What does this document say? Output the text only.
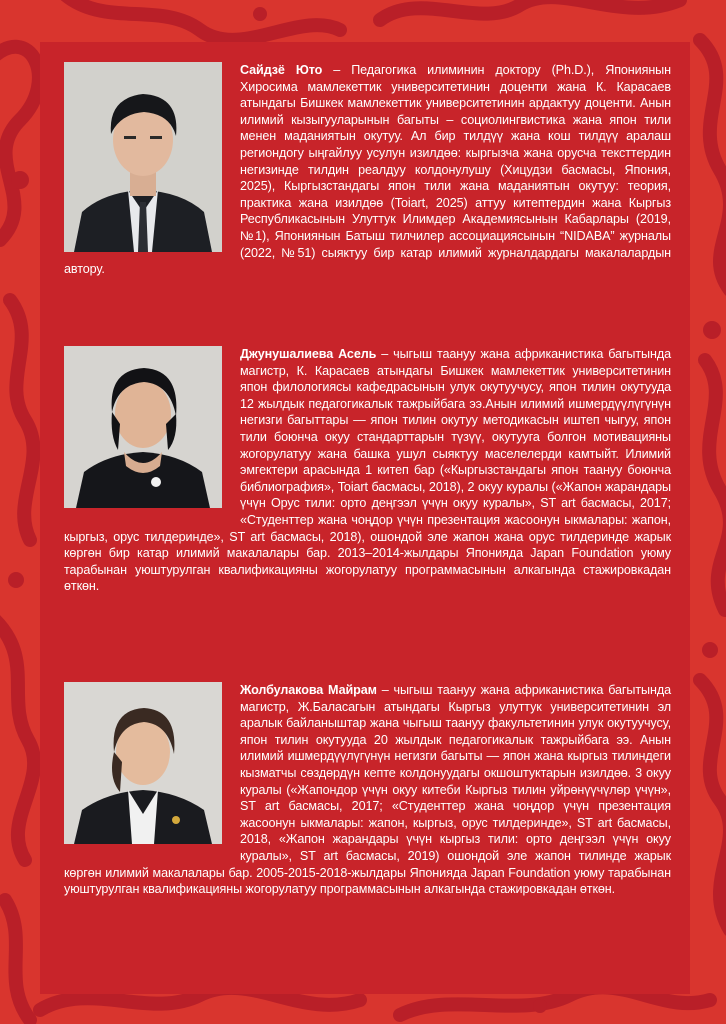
Сайдзё Юто – Педагогика илиминин доктору (Ph.D.), Япониянын Хиросима мамлекеттик университетинин доценти жана К. Карасаев атындагы Бишкек мамлекеттик университетинин ардактуу доценти. Анын илимий кызыгууларынын багыты – социолингвистика жана япон тили менен маданиятын окутуу. Ал бир тилдүү жана кош тилдүү аралаш региондогу ыңгайлуу усулун изилдөө: кыргызча жана орусча тексттердин негизинде тилдин реалдуу колдонулушу (Хицудзи басмасы, Япония, 2025), Кыргызстандагы япон тили жана маданиятын окутуу: теория, практика жана изилдөө (Toiart, 2025) аттуу китептердин жана Кыргыз Республикасынын Улуттук Илимдер Академиясынын Кабарлары (2019, №1), Япониянын Батыш тилчилер ассоциациясынын “NIDABA” журналы (2022, №51) сыяктуу бир катар илимий журналдардагы макалалардын автору.
Джунушалиева Асель – чыгыш таануу жана африканистика багытында магистр, К. Карасаев атындагы Бишкек мамлекеттик университетинин япон филологиясы кафедрасынын улук окутуучусу, япон тилин окутууда 12 жылдык педагогикалык тажрыйбага ээ.Анын илимий ишмердүүлүгүнүн негизги багыттары — япон тилин окутуу методикасын иштеп чыгуу, япон тили боюнча окуу стандарттарын түзүү, окутууга болгон мотивацияны жогорулатуу жана башка ушул сыяктуу маселелерди камтыйт. Илимий эмгектери арасында 1 китеп бар («Кыргызстандагы япон таануу боюнча библиография», Toiart басмасы, 2018), 2 окуу куралы («Жапон жарандары үчүн Орус тили: орто деңгээл үчүн окуу куралы», ST art басмасы, 2017; «Студенттер жана чоңдор үчүн презентация жасоонун ыкмалары: жапон, кыргыз, орус тилдеринде», ST art басмасы, 2018), ошондой эле жапон жана орус тилдеринде жарык көргөн бир катар илимий макалалары бар. 2013–2014-жылдары Японияда Japan Foundation уюму тарабынан уюштурулган квалификацияны жогорулатуу программасынын алкагында стажировкадан өткөн.
Жолбулакова Майрам – чыгыш таануу жана африканистика багытында магистр, Ж.Баласагын атындагы Кыргыз улуттук университетинин эл аралык байланыштар жана чыгыш таануу факультетинин улук окутуучусу, япон тилин окутууда 20 жылдык педагогикалык тажрыйбага ээ. Анын илимий ишмердүүлүгүнүн негизги багыты — япон жана кыргыз тилиндеги кызматчы сөздөрдүн кепте колдонуудагы окшоштуктарын изилдөө. 3 окуу куралы («Жапондор үчүн окуу китеби Кыргыз тилин уйрөнүүчүлөр үчүн», ST art басмасы, 2017; «Студенттер жана чоңдор үчүн презентация жасоонун ыкмалары: жапон, кыргыз, орус тилдеринде», ST art басмасы, 2018, «Жапон жарандары үчүн кыргыз тили: орто деңгээл үчүн окуу куралы», ST art басмасы, 2019) ошондой эле жапон тилинде жарык көргөн илимий макалалары бар. 2005-2015-2018-жылдары Японияда Japan Foundation уюму тарабынан уюштурулган квалификацияны жогорулатуу программасынын алкагында стажировкадан өткөн.
